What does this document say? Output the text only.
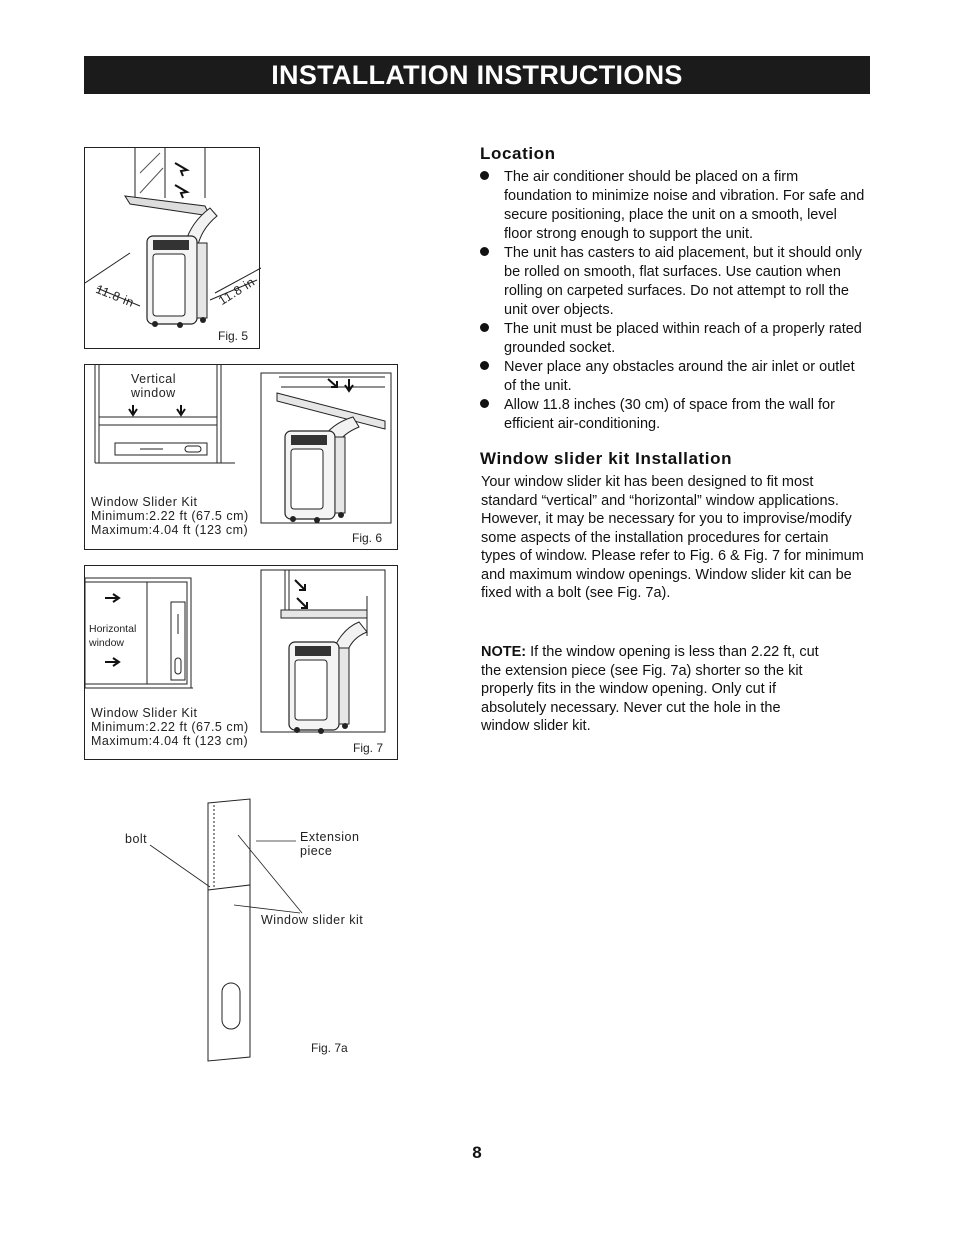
INSTALLATION INSTRUCTIONS
11.8 in	11.8 in
Fig. 5
Vertical
window
Window Slider Kit
Minimum:2.22 ft (67.5 cm)
Maximum:4.04 ft (123 cm)
Fig. 6
Horizontal
window
Window Slider Kit
Minimum:2.22 ft (67.5 cm)
Maximum:4.04 ft (123 cm)	Fig. 7
bolt	Extension
piece
Window slider kit
Fig. 7a
Location
The air conditioner should be placed on a firm foundation to minimize noise and vibration. For safe and secure positioning, place the unit on a smooth, level floor strong enough to support the unit.
The unit has casters to aid placement, but it should only be rolled on smooth, flat surfaces. Use caution when rolling on carpeted surfaces. Do not attempt to roll the unit over objects.
The unit must be placed within reach of a properly rated grounded socket.
Never place any obstacles around the air inlet or outlet of the unit.
Allow 11.8 inches (30 cm) of space from the wall for efficient air-conditioning.
Window slider kit Installation
Your window slider kit has been designed to fit most standard “vertical” and “horizontal” window applications. However, it may be necessary for you to improvise/modify some aspects of the installation procedures for certain types of window. Please refer to Fig. 6 & Fig. 7 for minimum and maximum window openings. Window slider kit can be fixed with a bolt (see Fig. 7a).
NOTE: If the window opening is less than 2.22 ft, cut the extension piece (see Fig. 7a) shorter so the kit properly fits in the window opening. Only cut if absolutely necessary. Never cut the hole in the window slider kit.
8
